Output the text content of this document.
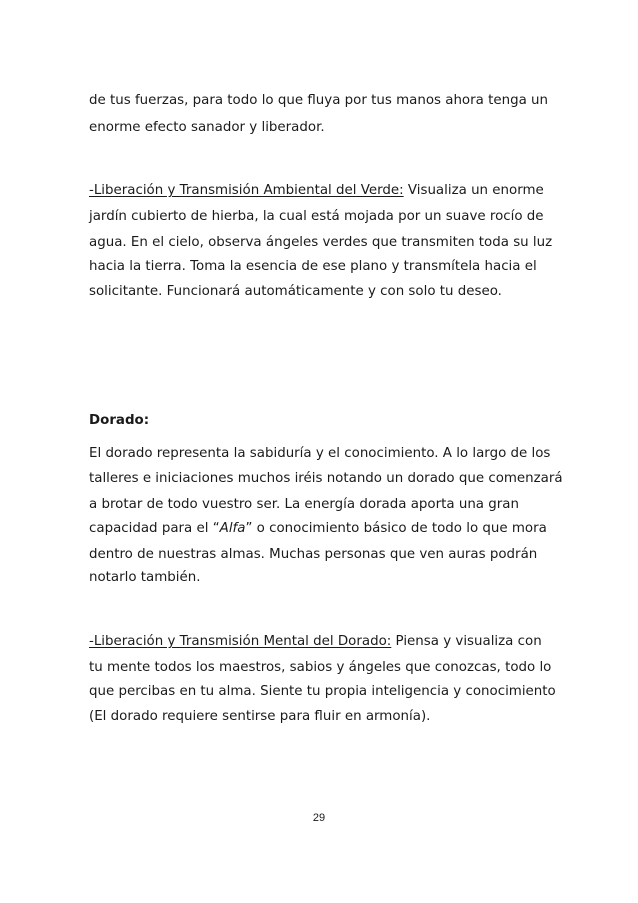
de tus fuerzas, para todo lo que fluya por tus manos ahora tenga un
enorme efecto sanador y liberador.
-Liberación y Transmisión Ambiental del Verde: Visualiza un enorme
jardín cubierto de hierba, la cual está mojada por un suave rocío de
agua. En el cielo, observa ángeles verdes que transmiten toda su luz
hacia la tierra. Toma la esencia de ese plano y transmítela hacia el
solicitante. Funcionará automáticamente y con solo tu deseo.
Dorado:
El dorado representa la sabiduría y el conocimiento. A lo largo de los
talleres e iniciaciones muchos iréis notando un dorado que comenzará
a brotar de todo vuestro ser. La energía dorada aporta una gran
capacidad para el “Alfa” o conocimiento básico de todo lo que mora
dentro de nuestras almas. Muchas personas que ven auras podrán
notarlo también.
-Liberación y Transmisión Mental del Dorado: Piensa y visualiza con
tu mente todos los maestros, sabios y ángeles que conozcas, todo lo
que percibas en tu alma. Siente tu propia inteligencia y conocimiento
(El dorado requiere sentirse para fluir en armonía).
29
